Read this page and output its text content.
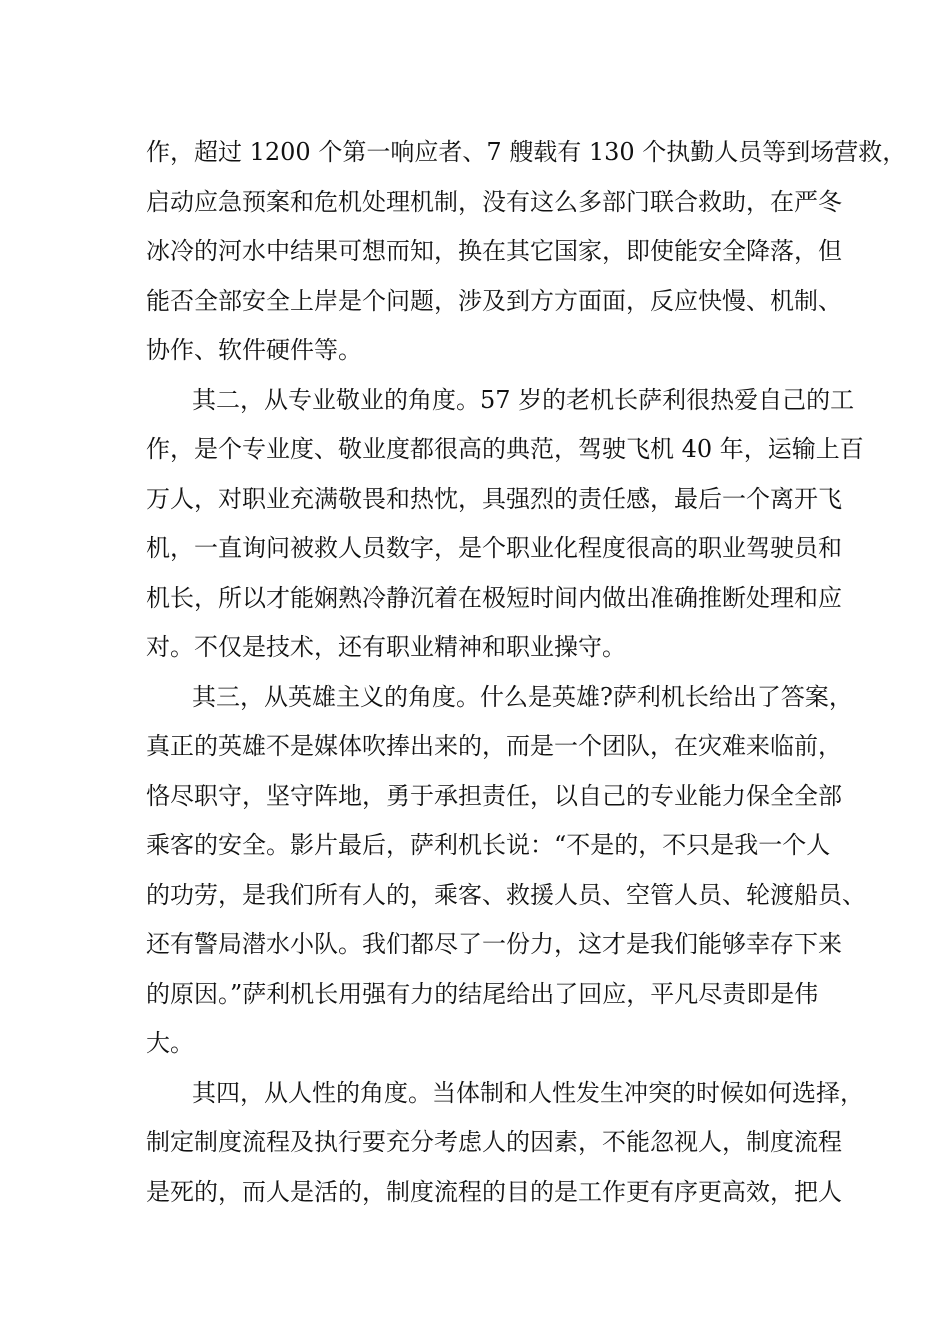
作，超过 1200 个第一响应者、7 艘载有 130 个执勤人员等到场营救，
启动应急预案和危机处理机制，没有这么多部门联合救助，在严冬
冰冷的河水中结果可想而知，换在其它国家，即使能安全降落，但
能否全部安全上岸是个问题，涉及到方方面面，反应快慢、机制、
协作、软件硬件等。
其二，从专业敬业的角度。57 岁的老机长萨利很热爱自己的工
作，是个专业度、敬业度都很高的典范，驾驶飞机 40 年，运输上百
万人，对职业充满敬畏和热忱，具强烈的责任感，最后一个离开飞
机，一直询问被救人员数字，是个职业化程度很高的职业驾驶员和
机长，所以才能娴熟冷静沉着在极短时间内做出准确推断处理和应
对。不仅是技术，还有职业精神和职业操守。
其三，从英雄主义的角度。什么是英雄?萨利机长给出了答案，
真正的英雄不是媒体吹捧出来的，而是一个团队，在灾难来临前，
恪尽职守，坚守阵地，勇于承担责任，以自己的专业能力保全全部
乘客的安全。影片最后，萨利机长说：“不是的，不只是我一个人
的功劳，是我们所有人的，乘客、救援人员、空管人员、轮渡船员、
还有警局潜水小队。我们都尽了一份力，这才是我们能够幸存下来
的原因。”萨利机长用强有力的结尾给出了回应，平凡尽责即是伟
大。
其四，从人性的角度。当体制和人性发生冲突的时候如何选择，
制定制度流程及执行要充分考虑人的因素，不能忽视人，制度流程
是死的，而人是活的，制度流程的目的是工作更有序更高效，把人
